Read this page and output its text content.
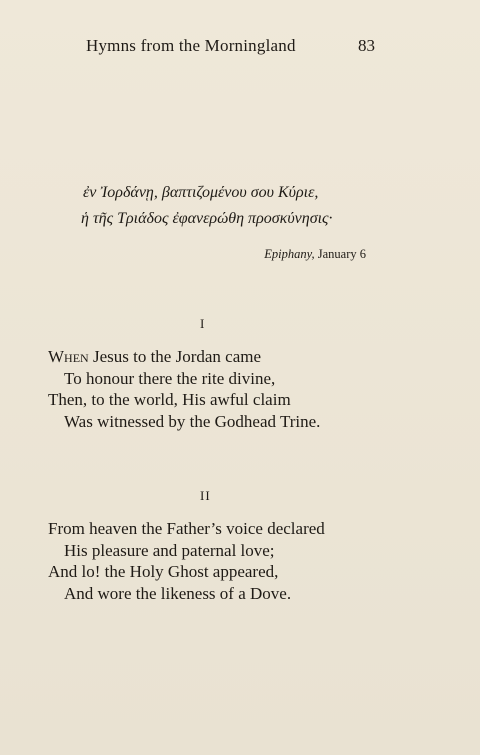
Hymns from the Morningland	83
ἐν Ἰορδάνῃ, βαπτιζομένου σου Κύριε,
ἡ τῆς Τριάδος ἐφανερώθη προσκύνησις·
Epiphany, January 6
I
When Jesus to the Jordan came
To honour there the rite divine,
Then, to the world, His awful claim
Was witnessed by the Godhead Trine.
II
From heaven the Father’s voice declared
His pleasure and paternal love;
And lo! the Holy Ghost appeared,
And wore the likeness of a Dove.
